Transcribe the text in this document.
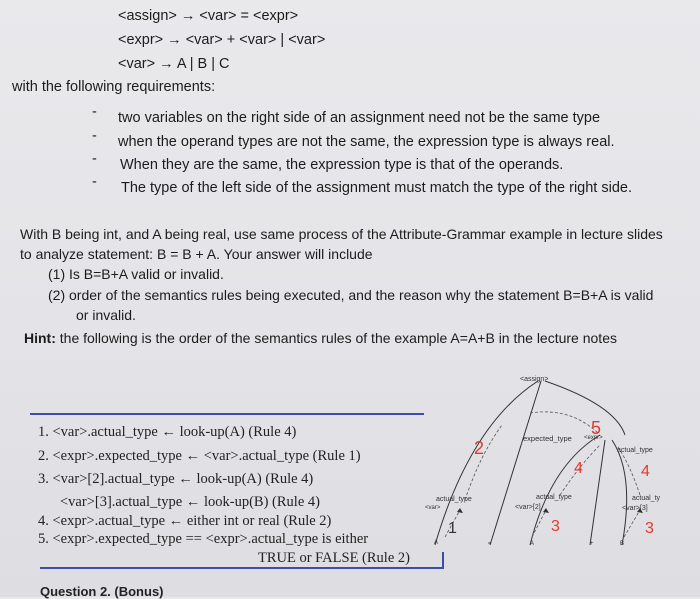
<assign> → <var> = <expr>
<expr> → <var> + <var> | <var>
<var> → A | B | C
with the following requirements:
- two variables on the right side of an assignment need not be the same type
- when the operand types are not the same, the expression type is always real.
- When they are the same, the expression type is that of the operands.
- The type of the left side of the assignment must match the type of the right side.
With B being int, and A being real, use same process of the Attribute-Grammar example in lecture slides
to analyze statement: B = B + A. Your answer will include
(1) Is B=B+A valid or invalid.
(2) order of the semantics rules being executed, and the reason why the statement B=B+A is valid
or invalid.
Hint: the following is the order of the semantics rules of the example A=A+B in the lecture notes
1. <var>.actual_type ← look-up(A) (Rule 4)
2. <expr>.expected_type ← <var>.actual_type (Rule 1)
3. <var>[2].actual_type ← look-up(A) (Rule 4)
<var>[3].actual_type ← look-up(B) (Rule 4)
4. <expr>.actual_type ← either int or real (Rule 2)
5. <expr>.expected_type == <expr>.actual_type is either
TRUE or FALSE (Rule 2)
Question 2. (Bonus)
<assign>
expected_type <expr>
actual_type
actual_type
<var>
actual_type
<var>[2]
actual_ty
<var>[3]
A	=	A	+	B
1
2
3	3
4	4
5
